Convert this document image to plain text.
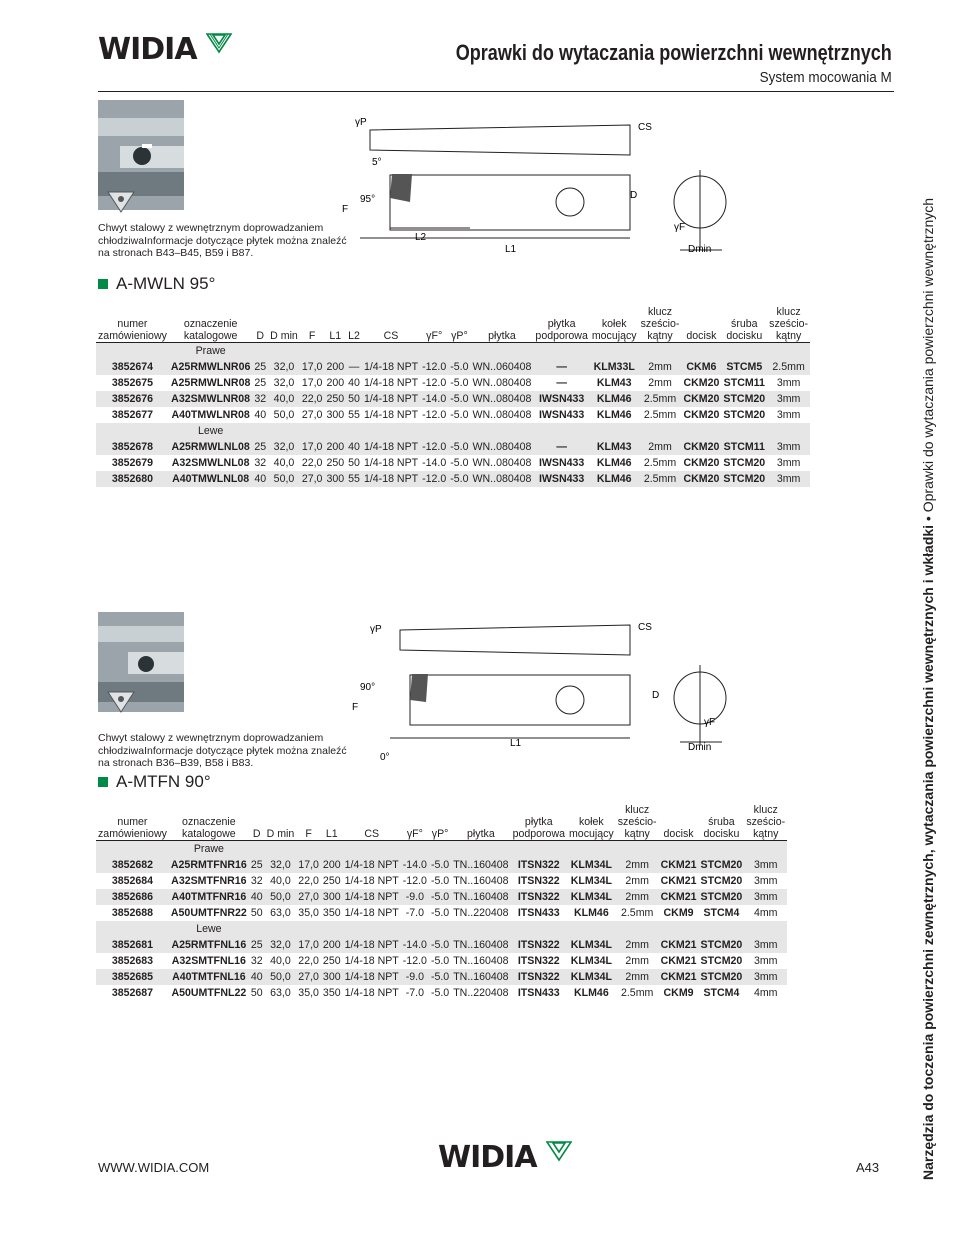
WIDIA	Oprawki do wytaczania powierzchni wewnętrznych
System mocowania M
Chwyt stalowy z wewnętrznym doprowadzaniem chłodziwaInformacje dotyczące płytek można znaleźć na stronach B43–B45, B59 i B87.
A-MWLN 95°
γP	CS
5°
95°
F
L2
L1
D
γF
Dmin
numer
zamówieniowy	oznaczenie
katalogowe	D	D min	F	L1	L2	CS	γF°	γP°	płytka	płytka
podporowa	kołek
mocujący	klucz
sześcio-
kątny	docisk	śruba
docisku	klucz
sześcio-
kątny
	Prawe															
3852674	A25RMWLNR06	25	32,0	17,0	200	—	1/4-18 NPT	-12.0	-5.0	WN..060408	—	KLM33L	2mm	CKM6	STCM5	2.5mm
3852675	A25RMWLNR08	25	32,0	17,0	200	40	1/4-18 NPT	-12.0	-5.0	WN..080408	—	KLM43	2mm	CKM20	STCM11	3mm
3852676	A32SMWLNR08	32	40,0	22,0	250	50	1/4-18 NPT	-14.0	-5.0	WN..080408	IWSN433	KLM46	2.5mm	CKM20	STCM20	3mm
3852677	A40TMWLNR08	40	50,0	27,0	300	55	1/4-18 NPT	-12.0	-5.0	WN..080408	IWSN433	KLM46	2.5mm	CKM20	STCM20	3mm
	Lewe															
3852678	A25RMWLNL08	25	32,0	17,0	200	40	1/4-18 NPT	-12.0	-5.0	WN..080408	—	KLM43	2mm	CKM20	STCM11	3mm
3852679	A32SMWLNL08	32	40,0	22,0	250	50	1/4-18 NPT	-14.0	-5.0	WN..080408	IWSN433	KLM46	2.5mm	CKM20	STCM20	3mm
3852680	A40TMWLNL08	40	50,0	27,0	300	55	1/4-18 NPT	-12.0	-5.0	WN..080408	IWSN433	KLM46	2.5mm	CKM20	STCM20	3mm
Chwyt stalowy z wewnętrznym doprowadzaniem chłodziwaInformacje dotyczące płytek można znaleźć na stronach B36–B39, B58 i B83.
A-MTFN 90°
γP	CS
90°
F
0°
L1
D
γF
Dmin
numer
zamówieniowy	oznaczenie
katalogowe	D	D min	F	L1	CS	γF°	γP°	płytka	płytka
podporowa	kołek
mocujący	klucz
sześcio-
kątny	docisk	śruba
docisku	klucz
sześcio-
kątny
	Prawe														
3852682	A25RMTFNR16	25	32,0	17,0	200	1/4-18 NPT	-14.0	-5.0	TN..160408	ITSN322	KLM34L	2mm	CKM21	STCM20	3mm
3852684	A32SMTFNR16	32	40,0	22,0	250	1/4-18 NPT	-12.0	-5.0	TN..160408	ITSN322	KLM34L	2mm	CKM21	STCM20	3mm
3852686	A40TMTFNR16	40	50,0	27,0	300	1/4-18 NPT	-9.0	-5.0	TN..160408	ITSN322	KLM34L	2mm	CKM21	STCM20	3mm
3852688	A50UMTFNR22	50	63,0	35,0	350	1/4-18 NPT	-7.0	-5.0	TN..220408	ITSN433	KLM46	2.5mm	CKM9	STCM4	4mm
	Lewe														
3852681	A25RMTFNL16	25	32,0	17,0	200	1/4-18 NPT	-14.0	-5.0	TN..160408	ITSN322	KLM34L	2mm	CKM21	STCM20	3mm
3852683	A32SMTFNL16	32	40,0	22,0	250	1/4-18 NPT	-12.0	-5.0	TN..160408	ITSN322	KLM34L	2mm	CKM21	STCM20	3mm
3852685	A40TMTFNL16	40	50,0	27,0	300	1/4-18 NPT	-9.0	-5.0	TN..160408	ITSN322	KLM34L	2mm	CKM21	STCM20	3mm
3852687	A50UMTFNL22	50	63,0	35,0	350	1/4-18 NPT	-7.0	-5.0	TN..220408	ITSN433	KLM46	2.5mm	CKM9	STCM4	4mm
WWW.WIDIA.COM	WIDIA	A43	Narzędzia do toczenia powierzchni zewnętrznych, wytaczania powierzchni wewnętrznych i wkładki • Oprawki do wytaczania powierzchni wewnętrznych
